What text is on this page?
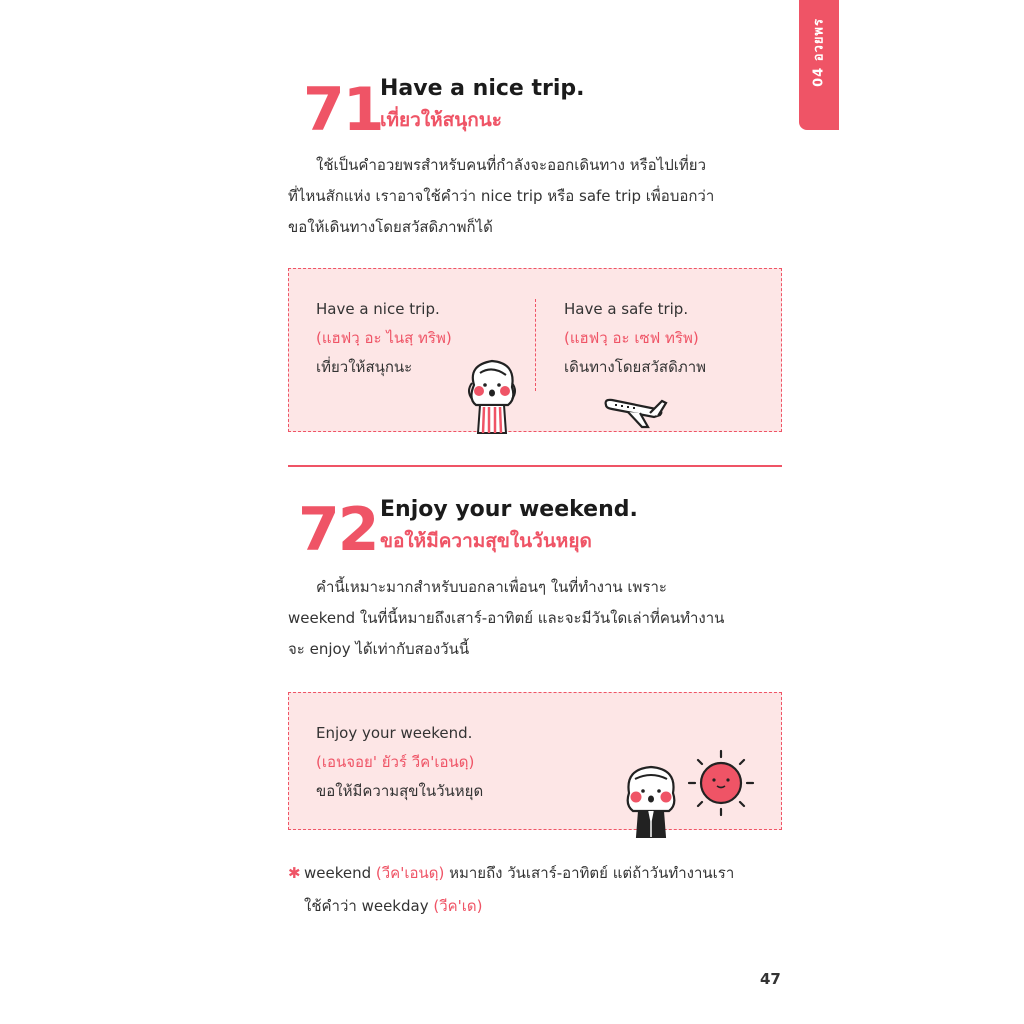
04 อวยพร
71
Have a nice trip.
เที่ยวให้สนุกนะ

ใช้เป็นคำอวยพรสำหรับคนที่กำลังจะออกเดินทาง หรือไปเที่ยว

ที่ไหนสักแห่ง เราอาจใช้คำว่า nice trip หรือ safe trip เพื่อบอกว่า

ขอให้เดินทางโดยสวัสดิภาพก็ได้

Have a nice trip.
(แฮฟวฺ อะ ไนสฺ ทริพ)
เที่ยวให้สนุกนะ
Have a safe trip.
(แฮฟวฺ อะ เซฟ ทริพ)
เดินทางโดยสวัสดิภาพ
72 Enjoy your weekend.
ขอให้มีความสุขในวันหยุด

คำนี้เหมาะมากสำหรับบอกลาเพื่อนๆ ในที่ทำงาน เพราะ

weekend ในที่นี้หมายถึงเสาร์-อาทิตย์ และจะมีวันใดเล่าที่คนทำงาน

จะ enjoy ได้เท่ากับสองวันนี้

Enjoy your weekend.
(เอนจอย' ยัวร์ วีค'เอนดฺ)
ขอให้มีความสุขในวันหยุด
✱ weekend (วีค'เอนดฺ) หมายถึง วันเสาร์-อาทิตย์ แต่ถ้าวันทำงานเรา
ใช้คำว่า weekday (วีค'เด)
47
